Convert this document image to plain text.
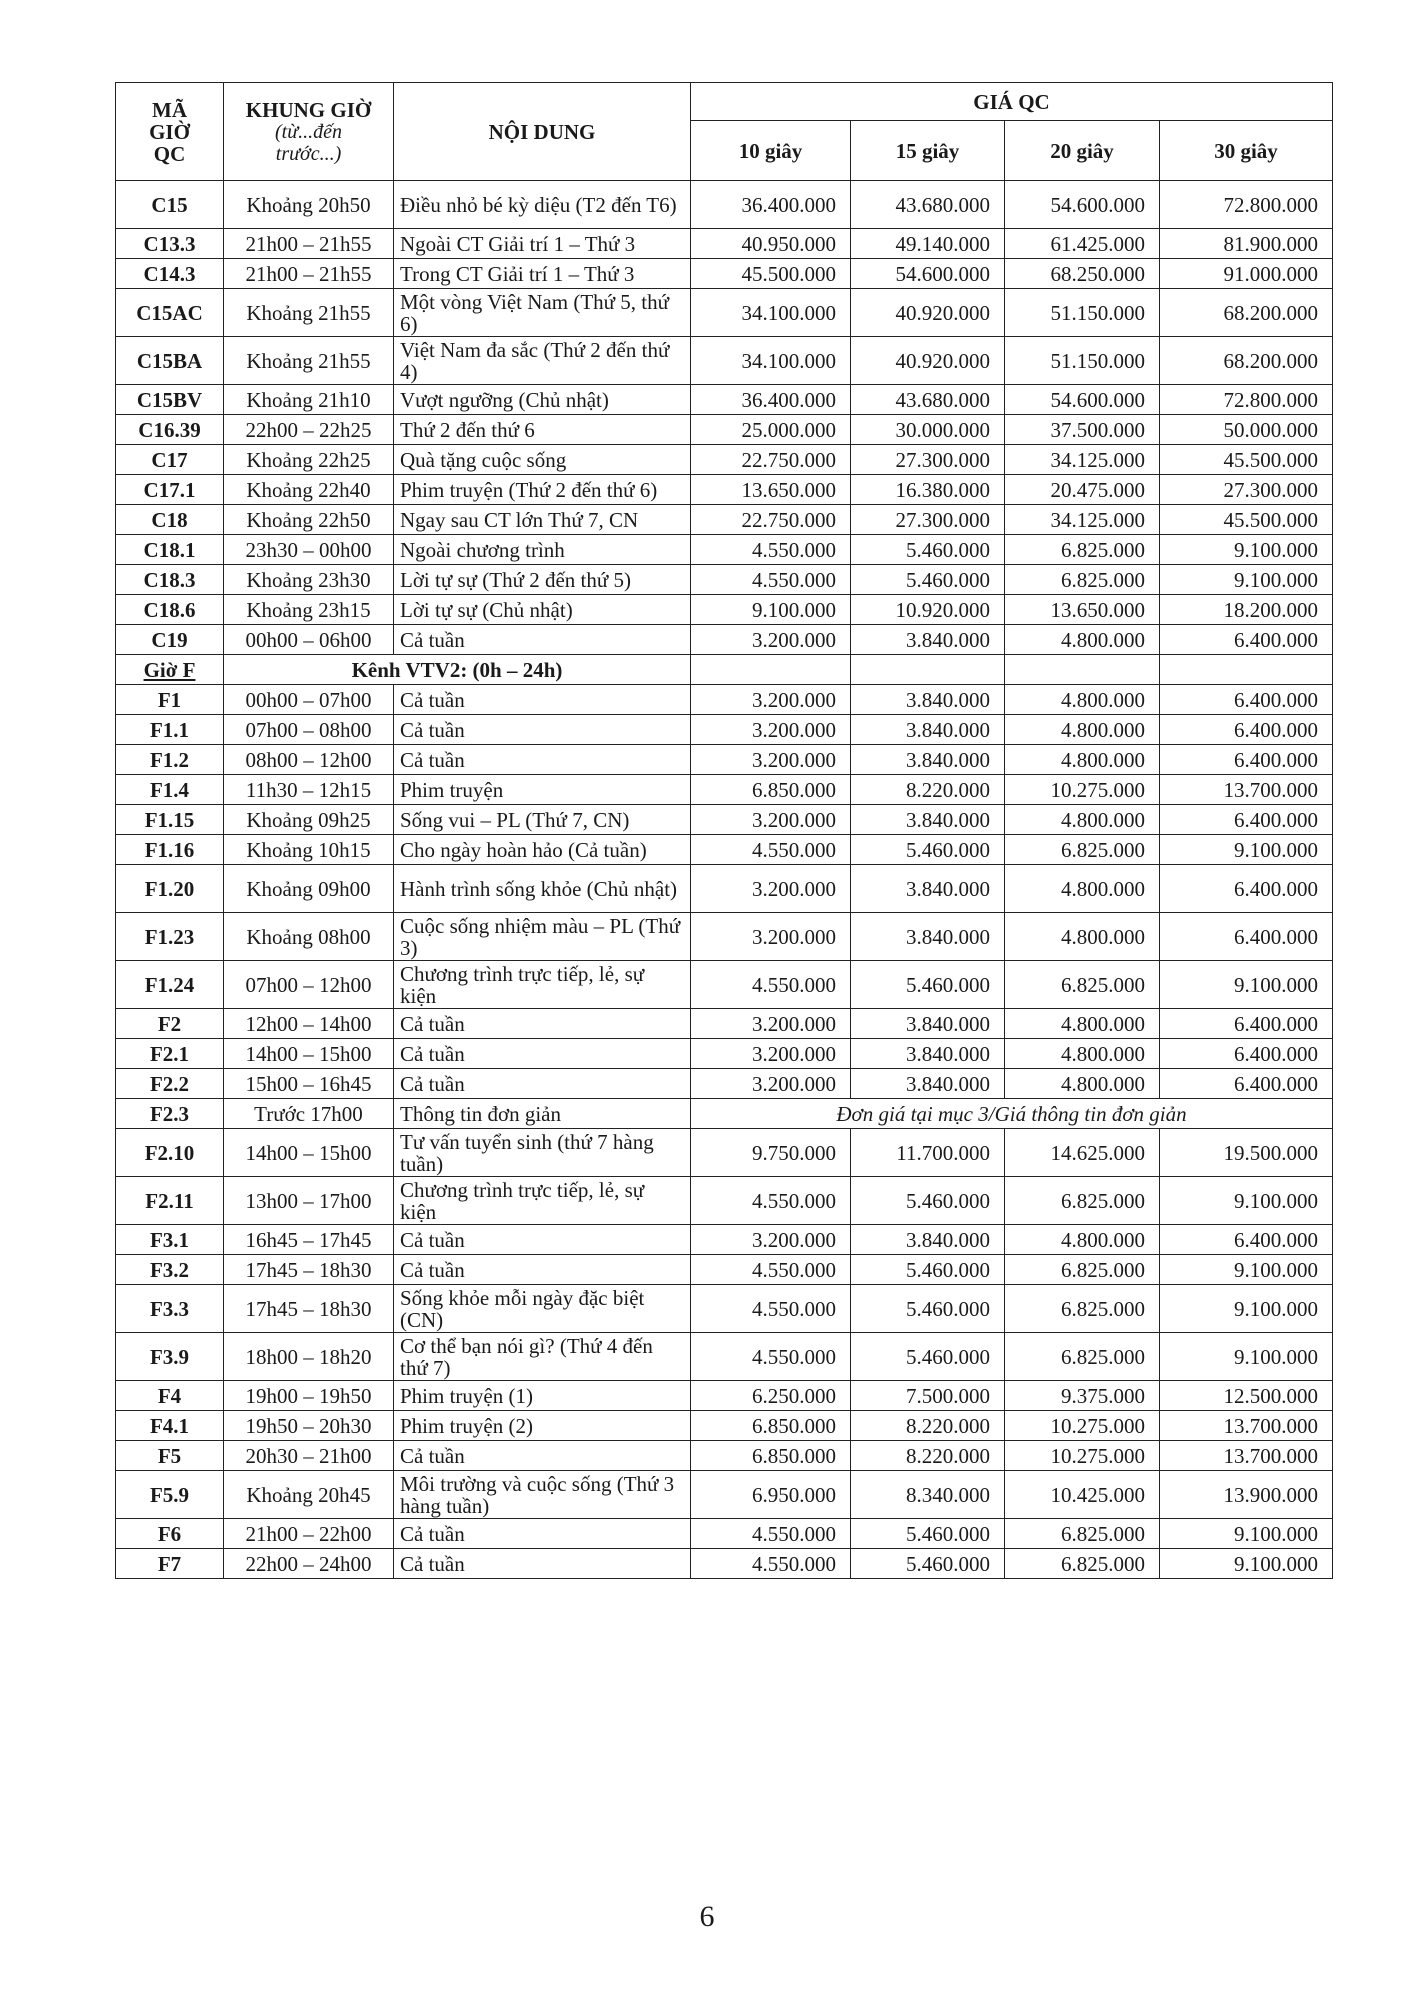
MÃ
GIỜ
QC	KHUNG GIỜ
(từ...đến
trước...)	NỘI DUNG	GIÁ QC			
			10 giây	15 giây	20 giây	30 giây
C15	Khoảng 20h50	Điều nhỏ bé kỳ diệu (T2 đến T6)	36.400.000	43.680.000	54.600.000	72.800.000
C13.3	21h00 – 21h55	Ngoài CT Giải trí 1 – Thứ 3	40.950.000	49.140.000	61.425.000	81.900.000
C14.3	21h00 – 21h55	Trong CT Giải trí 1 – Thứ 3	45.500.000	54.600.000	68.250.000	91.000.000
C15AC	Khoảng 21h55	Một vòng Việt Nam (Thứ 5, thứ 6)	34.100.000	40.920.000	51.150.000	68.200.000
C15BA	Khoảng 21h55	Việt Nam đa sắc (Thứ 2 đến thứ 4)	34.100.000	40.920.000	51.150.000	68.200.000
C15BV	Khoảng 21h10	Vượt ngưỡng (Chủ nhật)	36.400.000	43.680.000	54.600.000	72.800.000
C16.39	22h00 – 22h25	Thứ 2 đến thứ 6	25.000.000	30.000.000	37.500.000	50.000.000
C17	Khoảng 22h25	Quà tặng cuộc sống	22.750.000	27.300.000	34.125.000	45.500.000
C17.1	Khoảng 22h40	Phim truyện (Thứ 2 đến thứ 6)	13.650.000	16.380.000	20.475.000	27.300.000
C18	Khoảng 22h50	Ngay sau CT lớn Thứ 7, CN	22.750.000	27.300.000	34.125.000	45.500.000
C18.1	23h30 – 00h00	Ngoài chương trình	4.550.000	5.460.000	6.825.000	9.100.000
C18.3	Khoảng 23h30	Lời tự sự (Thứ 2 đến thứ 5)	4.550.000	5.460.000	6.825.000	9.100.000
C18.6	Khoảng 23h15	Lời tự sự (Chủ nhật)	9.100.000	10.920.000	13.650.000	18.200.000
C19	00h00 – 06h00	Cả tuần	3.200.000	3.840.000	4.800.000	6.400.000
Giờ F	Kênh VTV2: (0h – 24h)					
F1	00h00 – 07h00	Cả tuần	3.200.000	3.840.000	4.800.000	6.400.000
F1.1	07h00 – 08h00	Cả tuần	3.200.000	3.840.000	4.800.000	6.400.000
F1.2	08h00 – 12h00	Cả tuần	3.200.000	3.840.000	4.800.000	6.400.000
F1.4	11h30 – 12h15	Phim truyện	6.850.000	8.220.000	10.275.000	13.700.000
F1.15	Khoảng 09h25	Sống vui – PL (Thứ 7, CN)	3.200.000	3.840.000	4.800.000	6.400.000
F1.16	Khoảng 10h15	Cho ngày hoàn hảo (Cả tuần)	4.550.000	5.460.000	6.825.000	9.100.000
F1.20	Khoảng 09h00	Hành trình sống khỏe (Chủ nhật)	3.200.000	3.840.000	4.800.000	6.400.000
F1.23	Khoảng 08h00	Cuộc sống nhiệm màu – PL (Thứ 3)	3.200.000	3.840.000	4.800.000	6.400.000
F1.24	07h00 – 12h00	Chương trình trực tiếp, lẻ, sự kiện	4.550.000	5.460.000	6.825.000	9.100.000
F2	12h00 – 14h00	Cả tuần	3.200.000	3.840.000	4.800.000	6.400.000
F2.1	14h00 – 15h00	Cả tuần	3.200.000	3.840.000	4.800.000	6.400.000
F2.2	15h00 – 16h45	Cả tuần	3.200.000	3.840.000	4.800.000	6.400.000
F2.3	Trước 17h00	Thông tin đơn giản	Đơn giá tại mục 3/Giá thông tin đơn giản			
F2.10	14h00 – 15h00	Tư vấn tuyển sinh (thứ 7 hàng tuần)	9.750.000	11.700.000	14.625.000	19.500.000
F2.11	13h00 – 17h00	Chương trình trực tiếp, lẻ, sự kiện	4.550.000	5.460.000	6.825.000	9.100.000
F3.1	16h45 – 17h45	Cả tuần	3.200.000	3.840.000	4.800.000	6.400.000
F3.2	17h45 – 18h30	Cả tuần	4.550.000	5.460.000	6.825.000	9.100.000
F3.3	17h45 – 18h30	Sống khỏe mỗi ngày đặc biệt (CN)	4.550.000	5.460.000	6.825.000	9.100.000
F3.9	18h00 – 18h20	Cơ thể bạn nói gì? (Thứ 4 đến thứ 7)	4.550.000	5.460.000	6.825.000	9.100.000
F4	19h00 – 19h50	Phim truyện (1)	6.250.000	7.500.000	9.375.000	12.500.000
F4.1	19h50 – 20h30	Phim truyện (2)	6.850.000	8.220.000	10.275.000	13.700.000
F5	20h30 – 21h00	Cả tuần	6.850.000	8.220.000	10.275.000	13.700.000
F5.9	Khoảng 20h45	Môi trường và cuộc sống (Thứ 3 hàng tuần)	6.950.000	8.340.000	10.425.000	13.900.000
F6	21h00 – 22h00	Cả tuần	4.550.000	5.460.000	6.825.000	9.100.000
F7	22h00 – 24h00	Cả tuần	4.550.000	5.460.000	6.825.000	9.100.000
6
